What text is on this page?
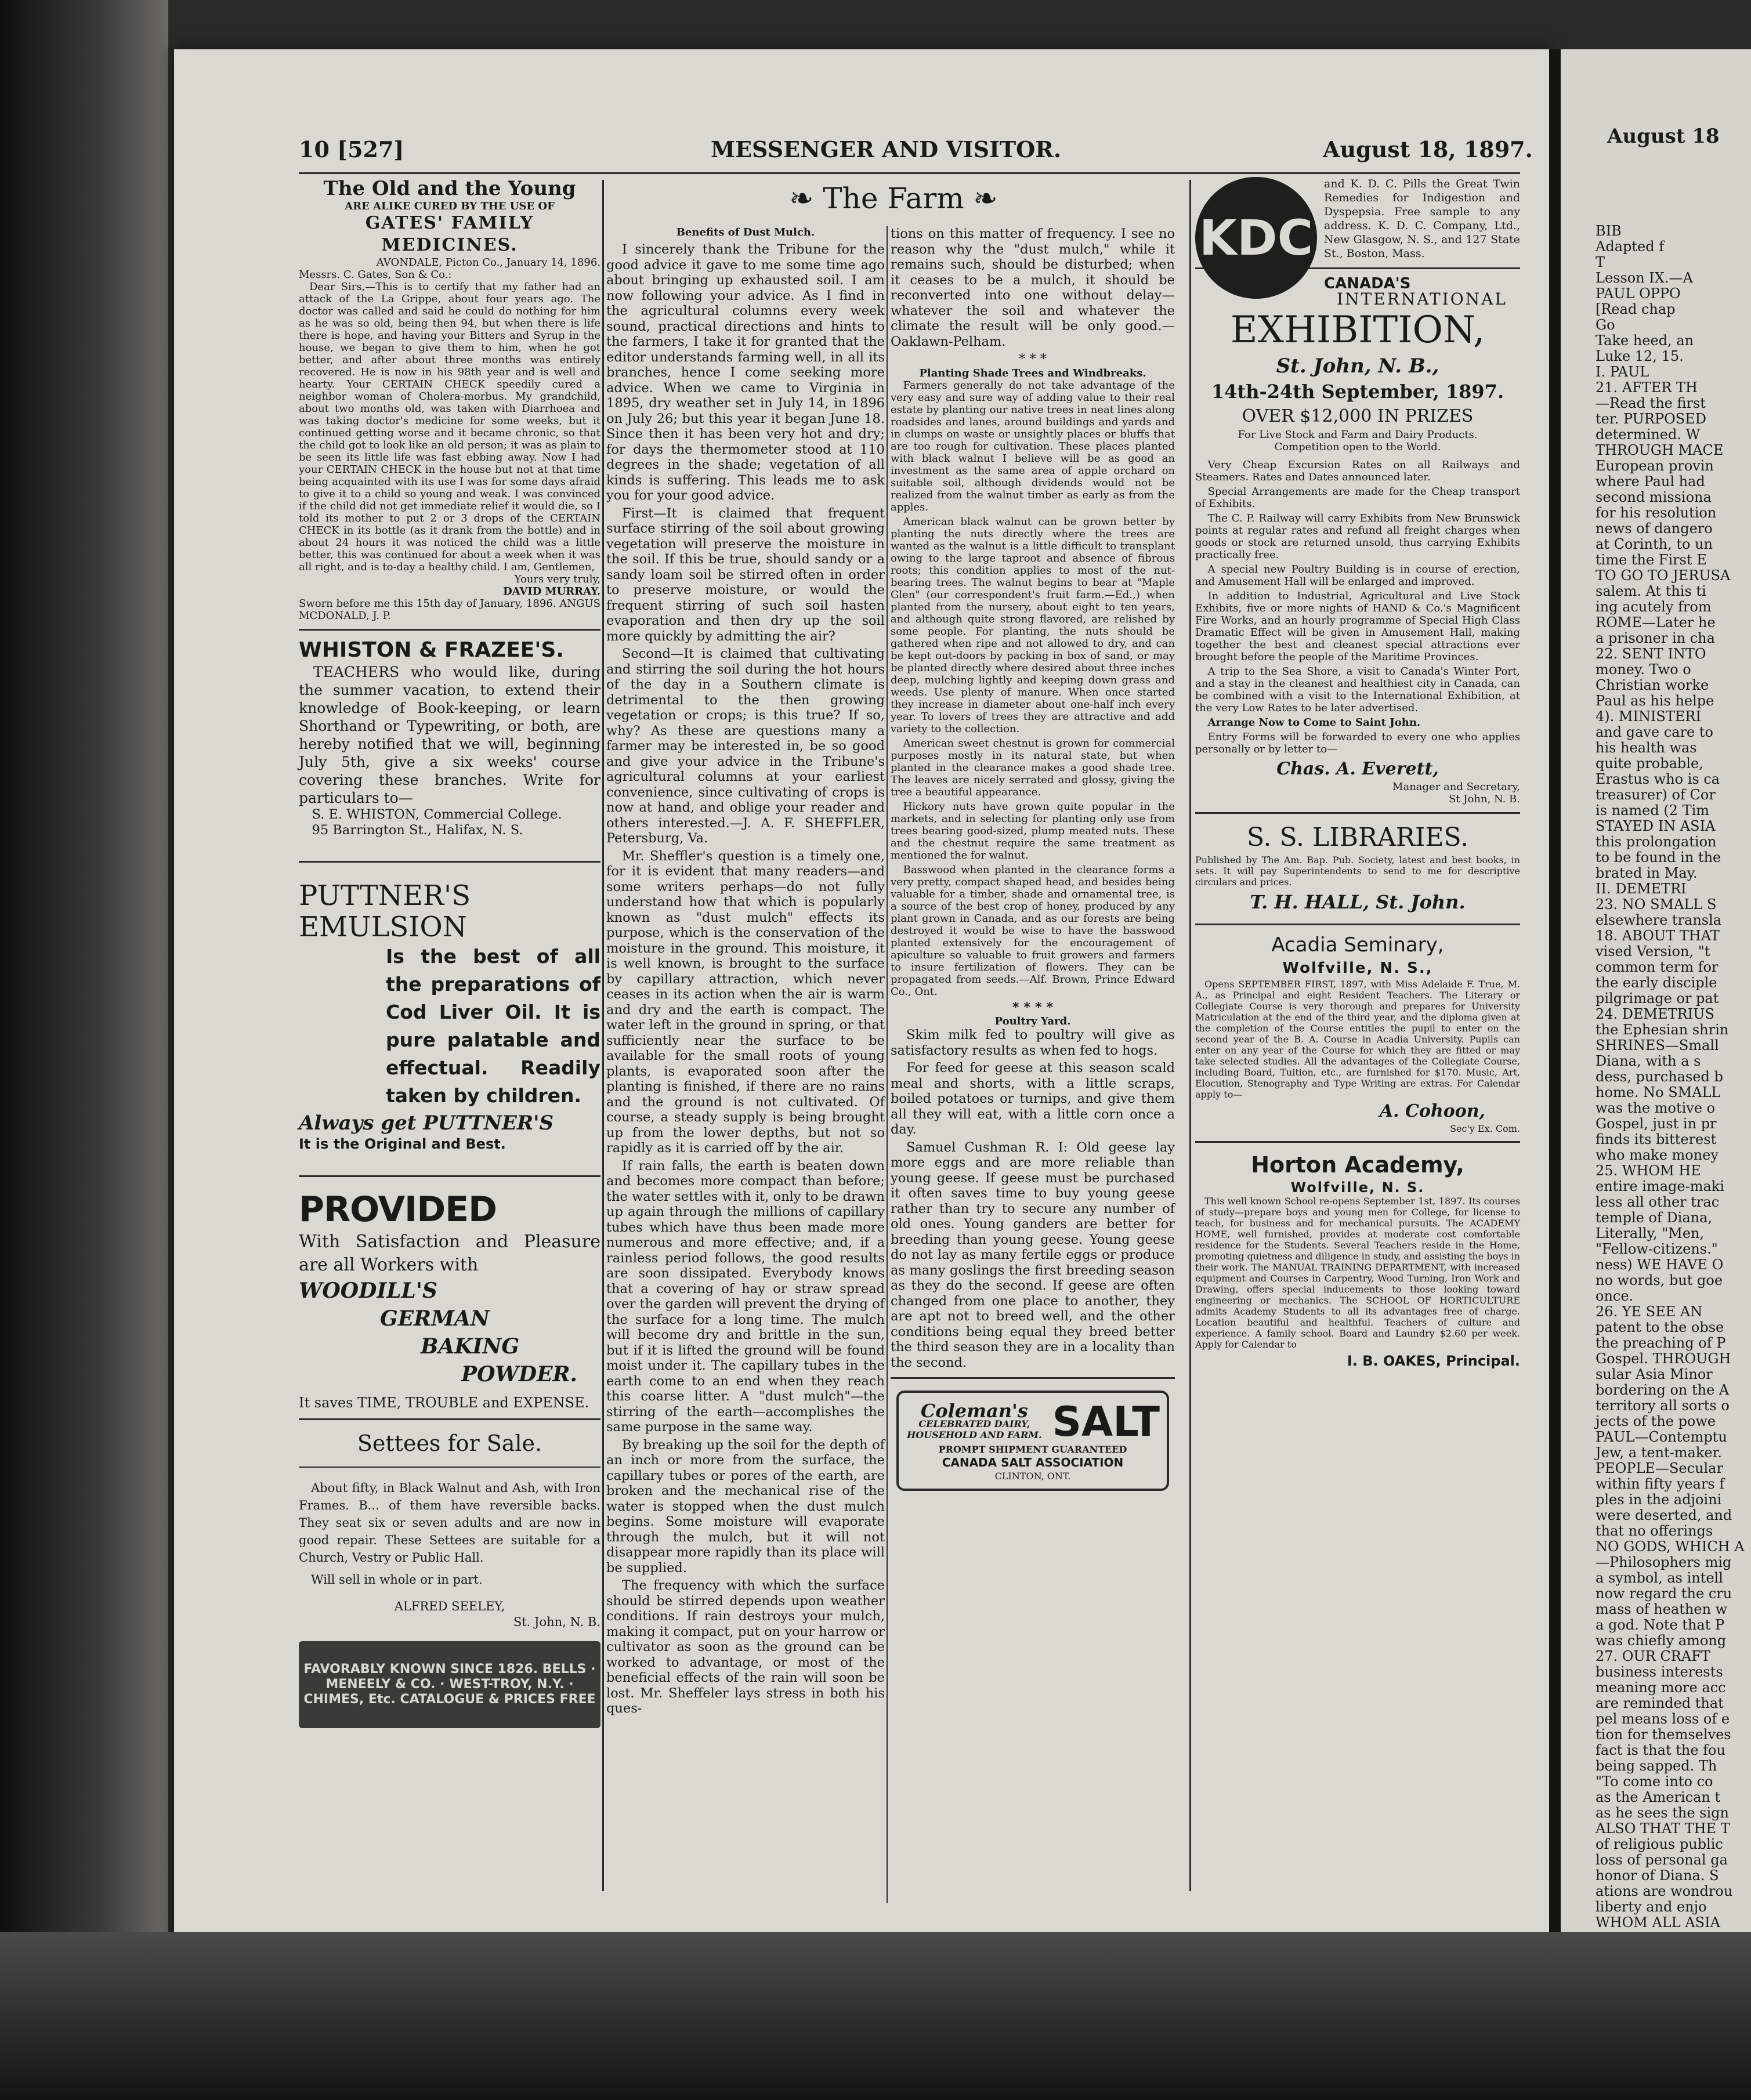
10 [527]	MESSENGER AND VISITOR.	August 18, 1897.
The Old and the Young
ARE ALIKE CURED BY THE USE OF
GATES' FAMILY MEDICINES.
AVONDALE, Picton Co., January 14, 1896.
Messrs. C. Gates, Son & Co.:
Dear Sirs,—This is to certify that my father had an attack of the La Grippe, about four years ago. The doctor was called and said he could do nothing for him as he was so old, being then 94, but when there is life there is hope, and having your Bitters and Syrup in the house, we began to give them to him, when he got better, and after about three months was entirely recovered. He is now in his 98th year and is well and hearty. Your CERTAIN CHECK speedily cured a neighbor woman of Cholera-morbus. My grandchild, about two months old, was taken with Diarrhoea and was taking doctor's medicine for some weeks, but it continued getting worse and it became chronic, so that the child got to look like an old person; it was as plain to be seen its little life was fast ebbing away. Now I had your CERTAIN CHECK in the house but not at that time being acquainted with its use I was for some days afraid to give it to a child so young and weak. I was convinced if the child did not get immediate relief it would die, so I told its mother to put 2 or 3 drops of the CERTAIN CHECK in its bottle (as it drank from the bottle) and in about 24 hours it was noticed the child was a little better, this was continued for about a week when it was all right, and is to-day a healthy child. I am, Gentlemen,
Yours very truly,
DAVID MURRAY.
Sworn before me this 15th day of January, 1896. ANGUS MCDONALD, J. P.
WHISTON & FRAZEE'S.
TEACHERS who would like, during the summer vacation, to extend their knowledge of Book-keeping, or learn Shorthand or Typewriting, or both, are hereby notified that we will, beginning July 5th, give a six weeks' course covering these branches. Write for particulars to—
S. E. WHISTON, Commercial College.
95 Barrington St., Halifax, N. S.
PUTTNER'S
EMULSION
Is the best of all the preparations of Cod Liver Oil. It is pure palatable and effectual. Readily taken by children.
Always get PUTTNER'S
It is the Original and Best.
PROVIDED
With Satisfaction and Pleasure are all Workers with
WOODILL'S
GERMAN
BAKING
POWDER.
It saves TIME, TROUBLE and EXPENSE.
Settees for Sale.
About fifty, in Black Walnut and Ash, with Iron Frames. B... of them have reversible backs. They seat six or seven adults and are now in good repair. These Settees are suitable for a Church, Vestry or Public Hall.
Will sell in whole or in part.
ALFRED SEELEY,
St. John, N. B.
FAVORABLY KNOWN SINCE 1826. BELLS · MENEELY & CO. · WEST-TROY, N.Y. · CHIMES, Etc. CATALOGUE & PRICES FREE
❧ The Farm ❧
Benefits of Dust Mulch.

I sincerely thank the Tribune for the good advice it gave to me some time ago about bringing up exhausted soil. I am now following your advice. As I find in the agricultural columns every week sound, practical directions and hints to the farmers, I take it for granted that the editor understands farming well, in all its branches, hence I come seeking more advice. When we came to Virginia in 1895, dry weather set in July 14, in 1896 on July 26; but this year it began June 18. Since then it has been very hot and dry; for days the thermometer stood at 110 degrees in the shade; vegetation of all kinds is suffering. This leads me to ask you for your good advice.

First—It is claimed that frequent surface stirring of the soil about growing vegetation will preserve the moisture in the soil. If this be true, should sandy or a sandy loam soil be stirred often in order to preserve moisture, or would the frequent stirring of such soil hasten evaporation and then dry up the soil more quickly by admitting the air?

Second—It is claimed that cultivating and stirring the soil during the hot hours of the day in a Southern climate is detrimental to the then growing vegetation or crops; is this true? If so, why? As these are questions many a farmer may be interested in, be so good and give your advice in the Tribune's agricultural columns at your earliest convenience, since cultivating of crops is now at hand, and oblige your reader and others interested.—J. A. F. SHEFFLER, Petersburg, Va.

Mr. Sheffler's question is a timely one, for it is evident that many readers—and some writers perhaps—do not fully understand how that which is popularly known as "dust mulch" effects its purpose, which is the conservation of the moisture in the ground. This moisture, it is well known, is brought to the surface by capillary attraction, which never ceases in its action when the air is warm and dry and the earth is compact. The water left in the ground in spring, or that sufficiently near the surface to be available for the small roots of young plants, is evaporated soon after the planting is finished, if there are no rains and the ground is not cultivated. Of course, a steady supply is being brought up from the lower depths, but not so rapidly as it is carried off by the air.

If rain falls, the earth is beaten down and becomes more compact than before; the water settles with it, only to be drawn up again through the millions of capillary tubes which have thus been made more numerous and more effective; and, if a rainless period follows, the good results are soon dissipated. Everybody knows that a covering of hay or straw spread over the garden will prevent the drying of the surface for a long time. The mulch will become dry and brittle in the sun, but if it is lifted the ground will be found moist under it. The capillary tubes in the earth come to an end when they reach this coarse litter. A "dust mulch"—the stirring of the earth—accomplishes the same purpose in the same way.

By breaking up the soil for the depth of an inch or more from the surface, the capillary tubes or pores of the earth, are broken and the mechanical rise of the water is stopped when the dust mulch begins. Some moisture will evaporate through the mulch, but it will not disappear more rapidly than its place will be supplied.

The frequency with which the surface should be stirred depends upon weather conditions. If rain destroys your mulch, making it compact, put on your harrow or cultivator as soon as the ground can be worked to advantage, or most of the beneficial effects of the rain will soon be lost. Mr. Sheffeler lays stress in both his ques-

tions on this matter of frequency. I see no reason why the "dust mulch," while it remains such, should be disturbed; when it ceases to be a mulch, it should be reconverted into one without delay—whatever the soil and whatever the climate the result will be only good.—Oaklawn-Pelham.

* * *
Planting Shade Trees and Windbreaks.

Farmers generally do not take advantage of the very easy and sure way of adding value to their real estate by planting our native trees in neat lines along roadsides and lanes, around buildings and yards and in clumps on waste or unsightly places or bluffs that are too rough for cultivation. These places planted with black walnut I believe will be as good an investment as the same area of apple orchard on suitable soil, although dividends would not be realized from the walnut timber as early as from the apples.

American black walnut can be grown better by planting the nuts directly where the trees are wanted as the walnut is a little difficult to transplant owing to the large taproot and absence of fibrous roots; this condition applies to most of the nut-bearing trees. The walnut begins to bear at "Maple Glen" (our correspondent's fruit farm.—Ed.,) when planted from the nursery, about eight to ten years, and although quite strong flavored, are relished by some people. For planting, the nuts should be gathered when ripe and not allowed to dry, and can be kept out-doors by packing in box of sand, or may be planted directly where desired about three inches deep, mulching lightly and keeping down grass and weeds. Use plenty of manure. When once started they increase in diameter about one-half inch every year. To lovers of trees they are attractive and add variety to the collection.

American sweet chestnut is grown for commercial purposes mostly in its natural state, but when planted in the clearance makes a good shade tree. The leaves are nicely serrated and glossy, giving the tree a beautiful appearance.

Hickory nuts have grown quite popular in the markets, and in selecting for planting only use from trees bearing good-sized, plump meated nuts. These and the chestnut require the same treatment as mentioned the for walnut.

Basswood when planted in the clearance forms a very pretty, compact shaped head, and besides being valuable for a timber, shade and ornamental tree, is a source of the best crop of honey, produced by any plant grown in Canada, and as our forests are being destroyed it would be wise to have the basswood planted extensively for the encouragement of apiculture so valuable to fruit growers and farmers to insure fertilization of flowers. They can be propagated from seeds.—Alf. Brown, Prince Edward Co., Ont.

* * * *
Poultry Yard.

Skim milk fed to poultry will give as satisfactory results as when fed to hogs.

For feed for geese at this season scald meal and shorts, with a little scraps, boiled potatoes or turnips, and give them all they will eat, with a little corn once a day.

Samuel Cushman R. I: Old geese lay more eggs and are more reliable than young geese. If geese must be purchased it often saves time to buy young geese rather than try to secure any number of old ones. Young ganders are better for breeding than young geese. Young geese do not lay as many fertile eggs or produce as many goslings the first breeding season as they do the second. If geese are often changed from one place to another, they are apt not to breed well, and the other conditions being equal they breed better the third season they are in a locality than the second.

Coleman's
CELEBRATED DAIRY, HOUSEHOLD AND FARM. SALT
PROMPT SHIPMENT GUARANTEED
CANADA SALT ASSOCIATION
CLINTON, ONT.
KDC
and K. D. C. Pills the Great Twin Remedies for Indigestion and Dyspepsia. Free sample to any address. K. D. C. Company, Ltd., New Glasgow, N. S., and 127 State St., Boston, Mass.
CANADA'S
INTERNATIONAL
EXHIBITION,
St. John, N. B.,
14th-24th September, 1897.
OVER $12,000 IN PRIZES
For Live Stock and Farm and Dairy Products.
Competition open to the World.

Very Cheap Excursion Rates on all Railways and Steamers. Rates and Dates announced later.

Special Arrangements are made for the Cheap transport of Exhibits.

The C. P. Railway will carry Exhibits from New Brunswick points at regular rates and refund all freight charges when goods or stock are returned unsold, thus carrying Exhibits practically free.

A special new Poultry Building is in course of erection, and Amusement Hall will be enlarged and improved.

In addition to Industrial, Agricultural and Live Stock Exhibits, five or more nights of HAND & Co.'s Magnificent Fire Works, and an hourly programme of Special High Class Dramatic Effect will be given in Amusement Hall, making together the best and cleanest special attractions ever brought before the people of the Maritime Provinces.

A trip to the Sea Shore, a visit to Canada's Winter Port, and a stay in the cleanest and healthiest city in Canada, can be combined with a visit to the International Exhibition, at the very Low Rates to be later advertised.

Arrange Now to Come to Saint John.

Entry Forms will be forwarded to every one who applies personally or by letter to—

Chas. A. Everett,
Manager and Secretary,
St John, N. B.
S. S. LIBRARIES.
Published by The Am. Bap. Pub. Society, latest and best books, in sets. It will pay Superintendents to send to me for descriptive circulars and prices.
T. H. HALL, St. John.
Acadia Seminary,
Wolfville, N. S.,
Opens SEPTEMBER FIRST, 1897, with Miss Adelaide F. True, M. A., as Principal and eight Resident Teachers. The Literary or Collegiate Course is very thorough and prepares for University Matriculation at the end of the third year, and the diploma given at the completion of the Course entitles the pupil to enter on the second year of the B. A. Course in Acadia University. Pupils can enter on any year of the Course for which they are fitted or may take selected studies. All the advantages of the Collegiate Course, including Board, Tuition, etc., are furnished for $170. Music, Art, Elocution, Stenography and Type Writing are extras. For Calendar apply to—
A. Cohoon,
Sec'y Ex. Com.
Horton Academy,
Wolfville, N. S.
This well known School re-opens September 1st, 1897. Its courses of study—prepare boys and young men for College, for license to teach, for business and for mechanical pursuits. The ACADEMY HOME, well furnished, provides at moderate cost comfortable residence for the Students. Several Teachers reside in the Home, promoting quietness and diligence in study, and assisting the boys in their work. The MANUAL TRAINING DEPARTMENT, with increased equipment and Courses in Carpentry, Wood Turning, Iron Work and Drawing, offers special inducements to those looking toward engineering or mechanics. The SCHOOL OF HORTICULTURE admits Academy Students to all its advantages free of charge. Location beautiful and healthful. Teachers of culture and experience. A family school. Board and Laundry $2.60 per week. Apply for Calendar to
I. B. OAKES, Principal.
August 18
BIB
Adapted f
T
Lesson IX.—A
PAUL OPPO
[Read chap
Go
Take heed, an
Luke 12, 15.
I. PAUL
21. AFTER TH
—Read the first
ter. PURPOSED
determined. W
THROUGH MACE
European provin
where Paul had
second missiona
for his resolution
news of dangero
at Corinth, to un
time the First E
TO GO TO JERUSA
salem. At this ti
ing acutely from
ROME—Later he
a prisoner in cha
22. SENT INTO
money. Two o
Christian worke
Paul as his helpe
4). MINISTERI
and gave care to
his health was
quite probable,
Erastus who is ca
treasurer) of Cor
is named (2 Tim
STAYED IN ASIA
this prolongation
to be found in the
brated in May.
II. DEMETRI
23. NO SMALL S
elsewhere transla
18. ABOUT THAT
vised Version, "t
common term for
the early disciple
pilgrimage or pat
24. DEMETRIUS
the Ephesian shrin
SHRINES—Small
Diana, with a s
dess, purchased b
home. No SMALL
was the motive o
Gospel, just in pr
finds its bitterest
who make money
25. WHOM HE
entire image-maki
less all other trac
temple of Diana,
Literally, "Men,
"Fellow-citizens."
ness) WE HAVE O
no words, but goe
once.
26. YE SEE AN
patent to the obse
the preaching of P
Gospel. THROUGH
sular Asia Minor
bordering on the A
territory all sorts o
jects of the powe
PAUL—Contemptu
Jew, a tent-maker.
PEOPLE—Secular
within fifty years f
ples in the adjoini
were deserted, and
that no offerings
NO GODS, WHICH A
—Philosophers mig
a symbol, as intell
now regard the cru
mass of heathen w
a god. Note that P
was chiefly among
27. OUR CRAFT
business interests
meaning more acc
are reminded that
pel means loss of e
tion for themselves
fact is that the fou
being sapped. Th
"To come into co
as the American t
as he sees the sign
ALSO THAT THE T
of religious public
loss of personal ga
honor of Diana. S
ations are wondrou
liberty and enjo
WHOM ALL ASIA
